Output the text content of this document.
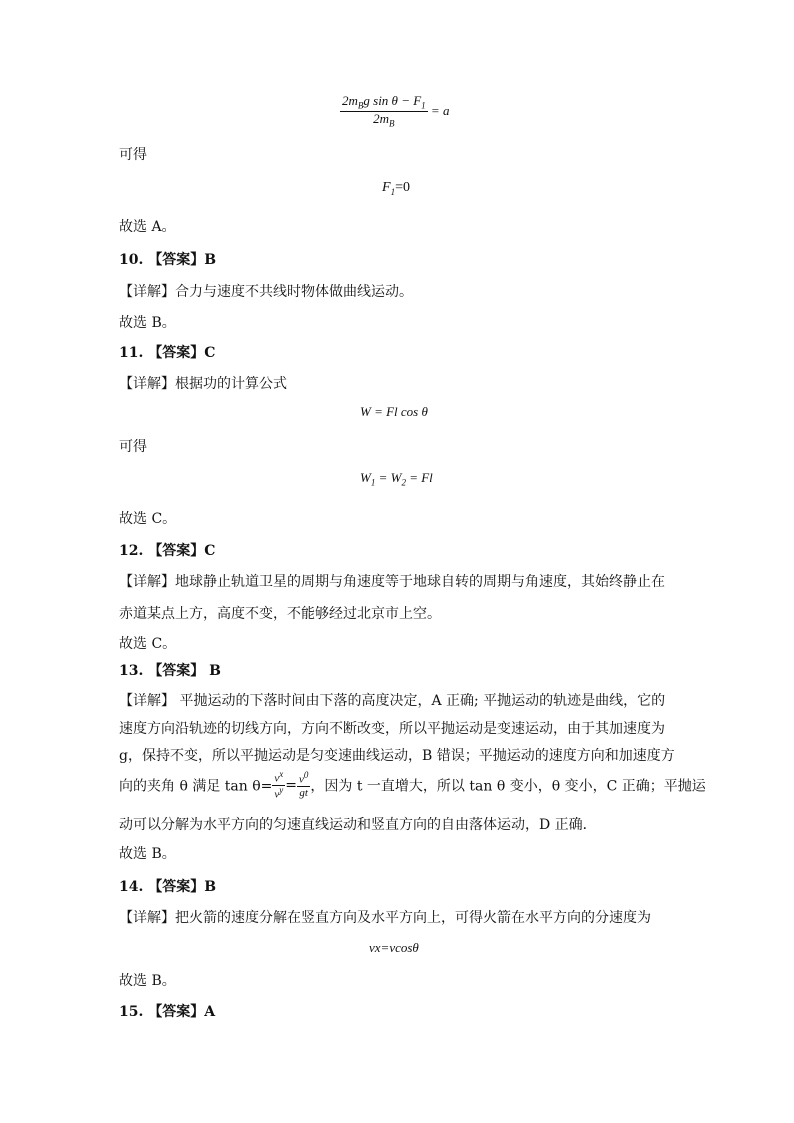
$\frac{2m_Bg \sin \theta - F_1}{2m_B} = a$
可得
$F_1=0$
故选 A。
10. 【答案】B
【详解】合力与速度不共线时物体做曲线运动。
故选 B。
11. 【答案】C
【详解】根据功的计算公式
W = Fl cos θ
可得
$W_1 = W_2 = Fl$
故选 C。
12. 【答案】C
【详解】地球静止轨道卫星的周期与角速度等于地球自转的周期与角速度，其始终静止在
赤道某点上方，高度不变，不能够经过北京市上空。
故选 C。
13. 【答案】 B
【详解】 平抛运动的下落时间由下落的高度决定，A 正确; 平抛运动的轨迹是曲线，它的
速度方向沿轨迹的切线方向，方向不断改变，所以平抛运动是变速运动，由于其加速度为
g，保持不变，所以平抛运动是匀变速曲线运动，B 错误；平抛运动的速度方向和加速度方
向的夹角 θ 满足 $\tan \theta= \frac{v^x}{v^y} = \frac{v^0}{gt}$ ，因为 t 一直增大，所以 tan θ 变小，θ 变小，C 正确；平抛运
动可以分解为水平方向的匀速直线运动和竖直方向的自由落体运动，D 正确．
故选 B。
14. 【答案】B
【详解】把火箭的速度分解在竖直方向及水平方向上，可得火箭在水平方向的分速度为
vx=vcosθ
故选 B。
15. 【答案】A
